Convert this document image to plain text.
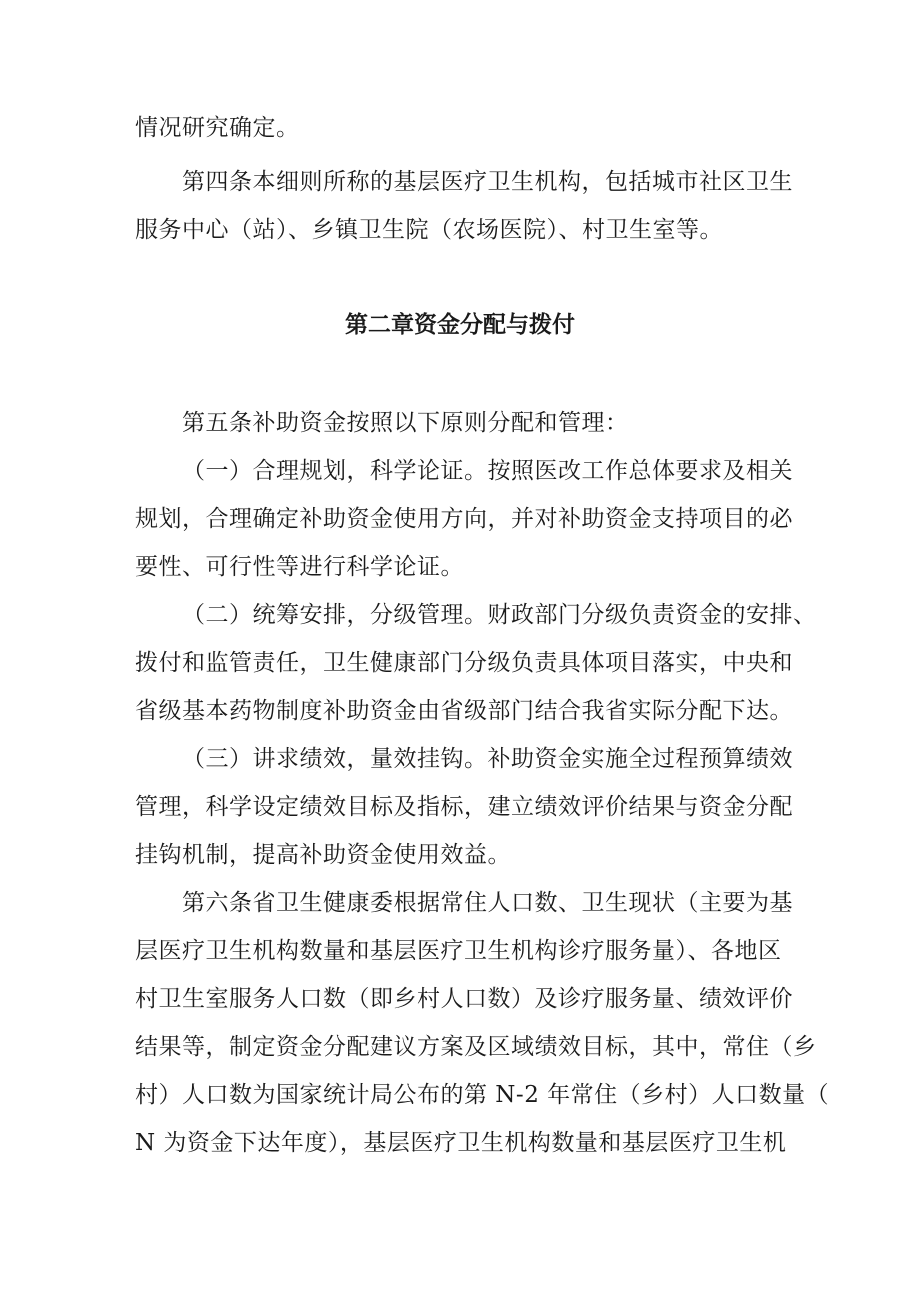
情况研究确定。
第四条本细则所称的基层医疗卫生机构，包括城市社区卫生
服务中心（站）、乡镇卫生院（农场医院）、村卫生室等。
第二章资金分配与拨付
第五条补助资金按照以下原则分配和管理：
（一）合理规划，科学论证。按照医改工作总体要求及相关
规划，合理确定补助资金使用方向，并对补助资金支持项目的必
要性、可行性等进行科学论证。
（二）统筹安排，分级管理。财政部门分级负责资金的安排、
拨付和监管责任，卫生健康部门分级负责具体项目落实，中央和
省级基本药物制度补助资金由省级部门结合我省实际分配下达。
（三）讲求绩效，量效挂钩。补助资金实施全过程预算绩效
管理，科学设定绩效目标及指标，建立绩效评价结果与资金分配
挂钩机制，提高补助资金使用效益。
第六条省卫生健康委根据常住人口数、卫生现状（主要为基
层医疗卫生机构数量和基层医疗卫生机构诊疗服务量）、各地区
村卫生室服务人口数（即乡村人口数）及诊疗服务量、绩效评价
结果等，制定资金分配建议方案及区域绩效目标，其中，常住（乡
村）人口数为国家统计局公布的第 N-2 年常住（乡村）人口数量（
N 为资金下达年度），基层医疗卫生机构数量和基层医疗卫生机
